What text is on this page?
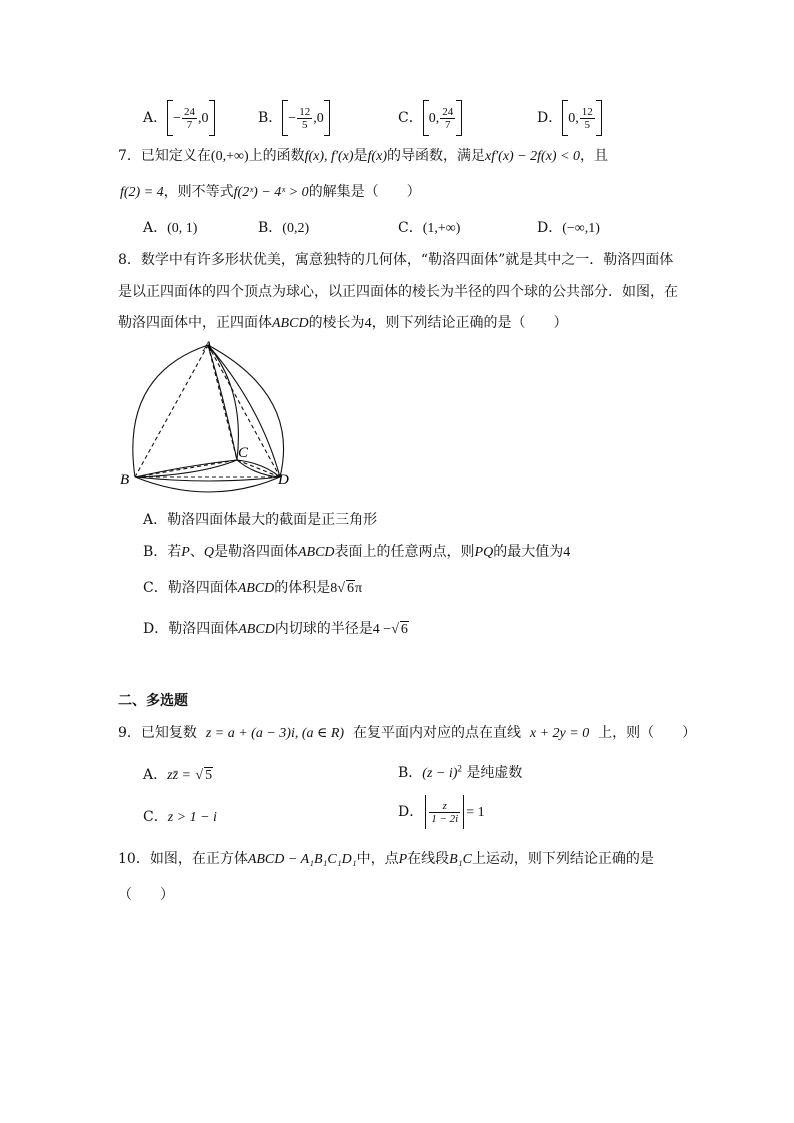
A． − $\frac{24}{7} ,0$	B． − $\frac{12}{5} ,0$	C． 0, $\frac{24}{7}$	D． 0, $\frac{12}{5}$
7．已知定义在(0,+∞)上的函数f(x), f′(x)是f(x)的导函数，满足xf′(x) − 2f(x) < 0，且
f(2) = 4，则不等式f(2ˣ) − 4ˣ > 0的解集是（　　）
A．(0, 1)	B．(0,2)	C．(1,+∞)	D．(−∞,1)
8．数学中有许多形状优美，寓意独特的几何体，“勒洛四面体”就是其中之一．勒洛四面体
是以正四面体的四个顶点为球心，以正四面体的棱长为半径的四个球的公共部分．如图，在
勒洛四面体中，正四面体ABCD的棱长为4，则下列结论正确的是（　　）
A
B
C
D
A．勒洛四面体最大的截面是正三角形
B．若P、Q是勒洛四面体ABCD表面上的任意两点，则PQ的最大值为4
C．勒洛四面体ABCD的体积是8√ 6π
D．勒洛四面体ABCD内切球的半径是4 −√ 6
二、多选题
9．已知复数 z = a + (a − 3)i, (a ∈ R) 在复平面内对应的点在直线 x + 2y = 0 上，则（　　）
A．zz̄ = √ 5	B．$(z - i)^2$ 是纯虚数
C．z > 1 − i	D． $\frac{z}{1 - 2i} = 1$
10．如图，在正方体ABCD − A₁B₁C₁D₁中，点P在线段B₁C上运动，则下列结论正确的是
（　　）
